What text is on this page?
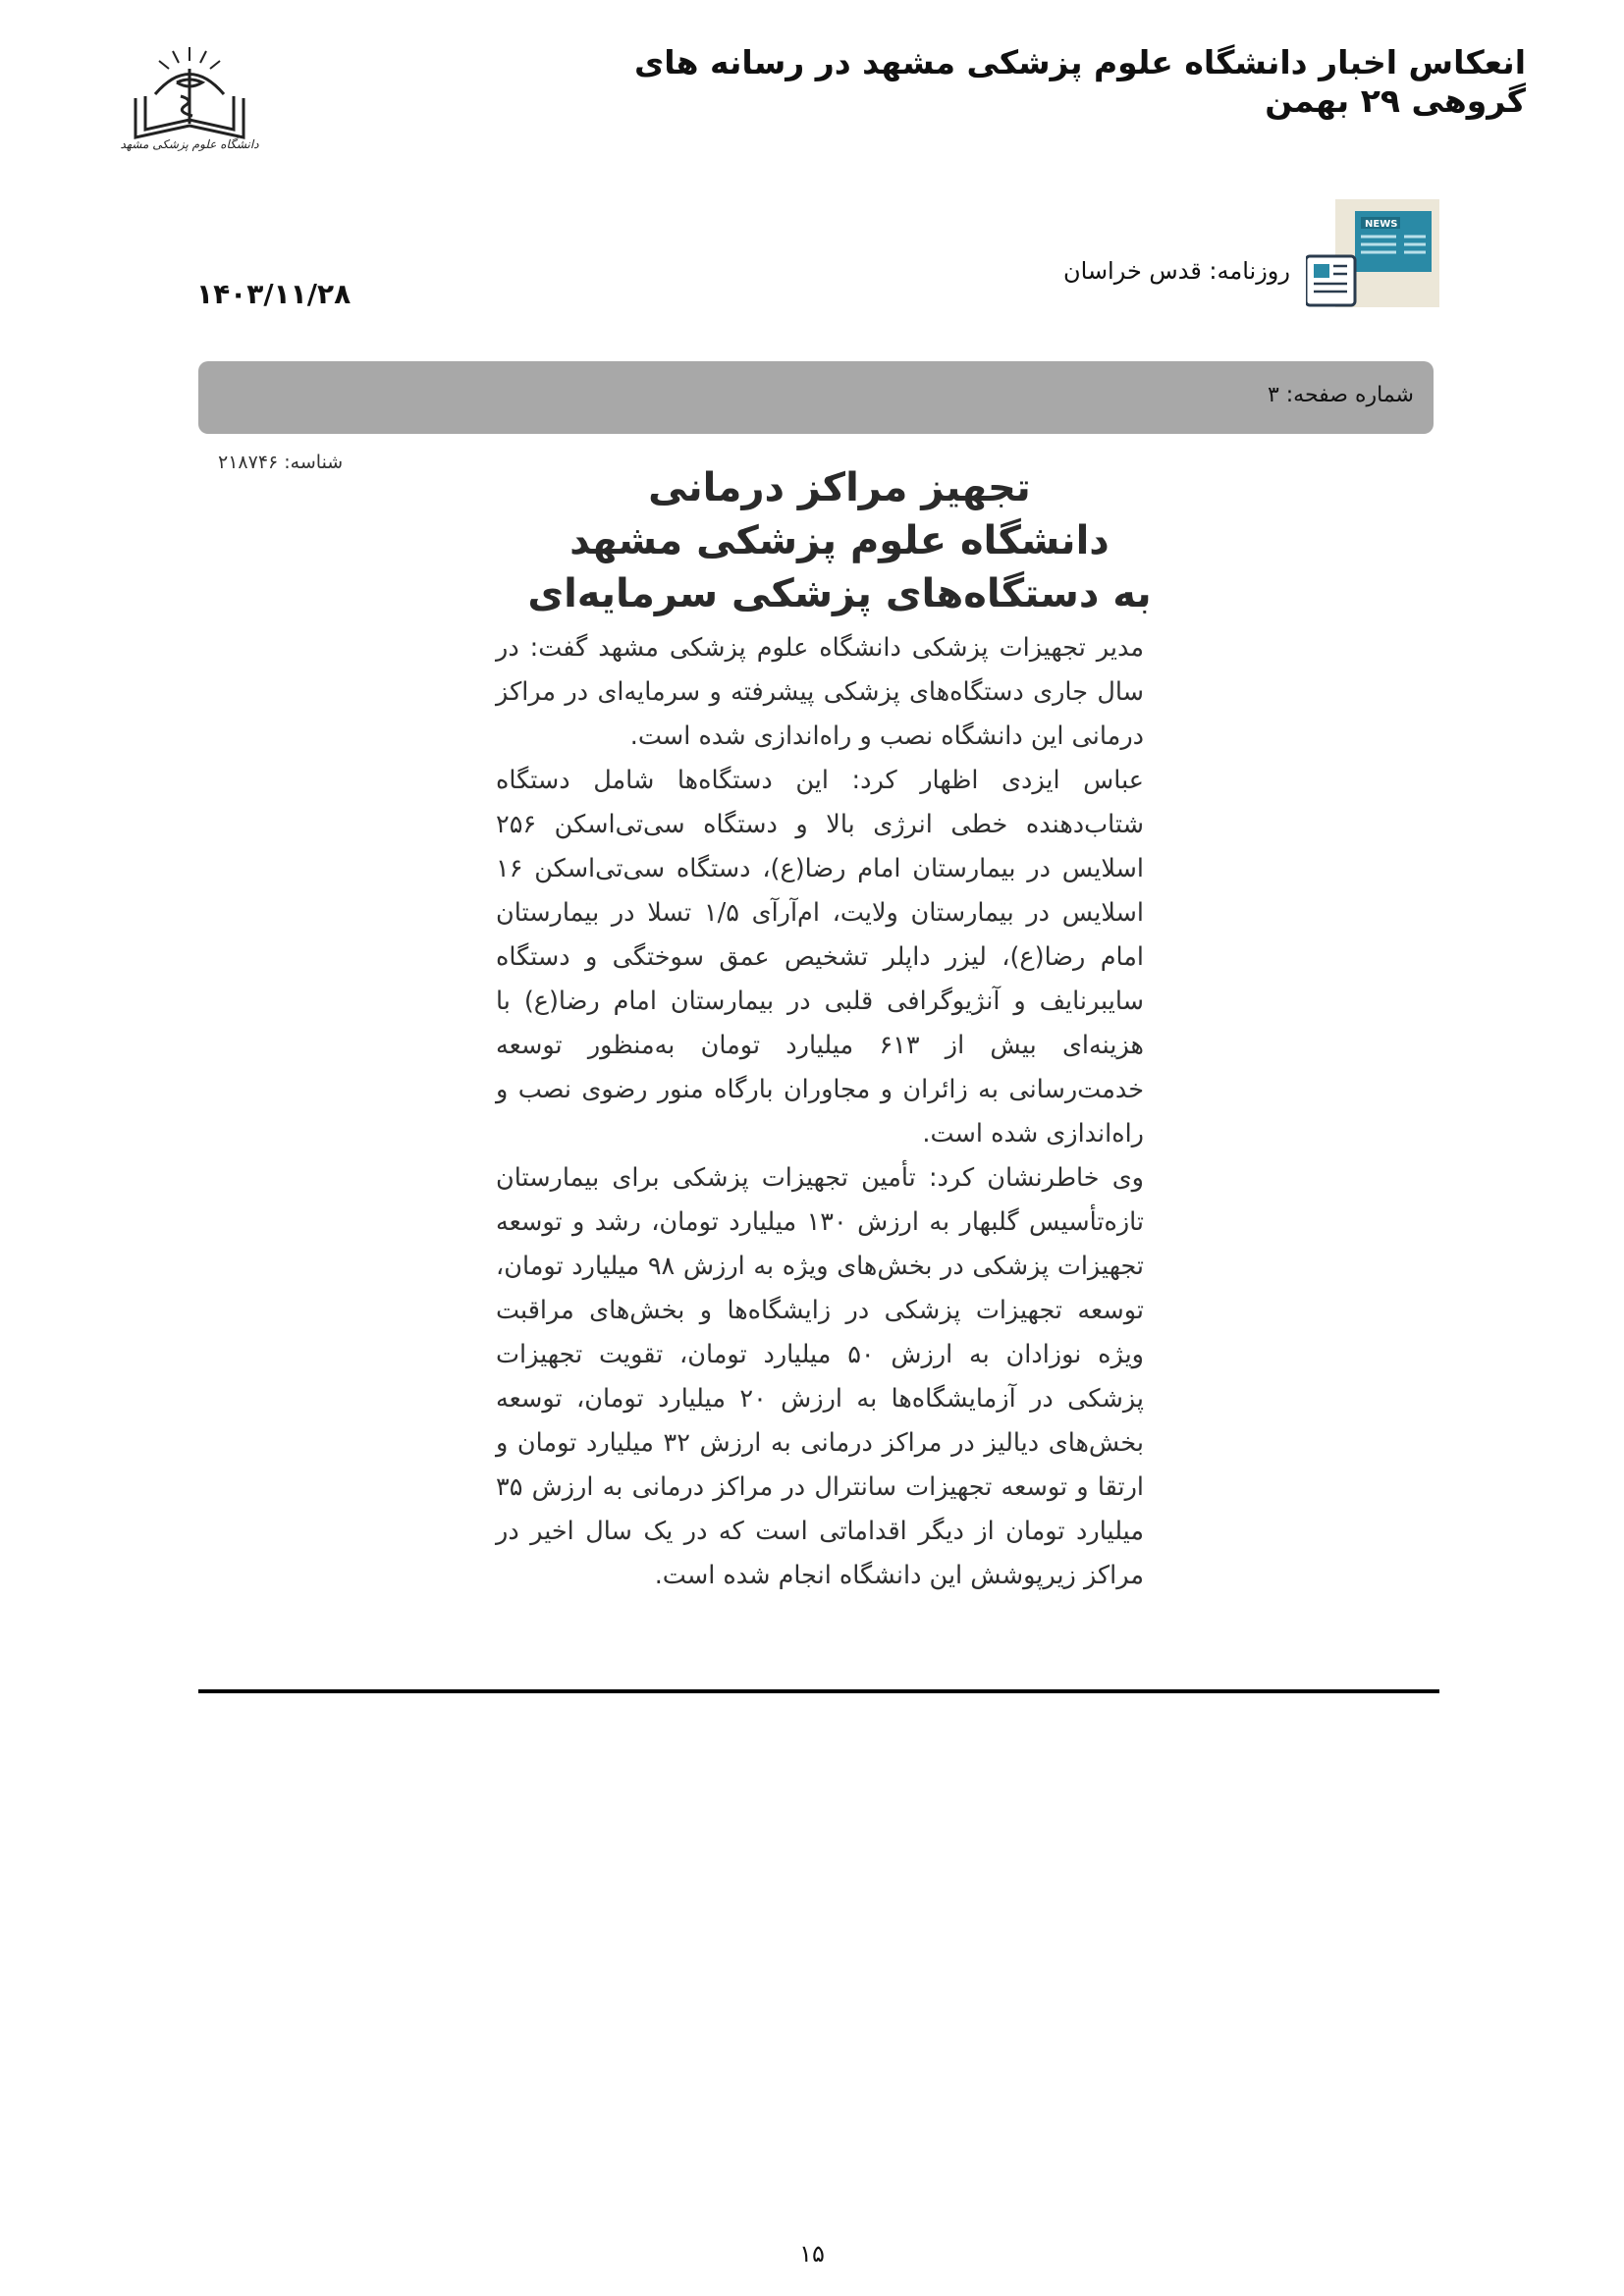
انعکاس اخبار دانشگاه علوم پزشکی مشهد در رسانه های گروهی ۲۹ بهمن
دانشگاه علوم پزشکی مشهد
NEWS
روزنامه: قدس خراسان
۱۴۰۳/۱۱/۲۸
شماره صفحه: ۳
شناسه: ۲۱۸۷۴۶
تجهیز مراکز درمانی
دانشگاه علوم پزشکی مشهد
به دستگاه‌های پزشکی سرمایه‌ای

مدیر تجهیزات پزشکی دانشگاه علوم پزشکی مشهد گفت: در سال جاری دستگاه‌های پزشکی پیشرفته و سرمایه‌ای در مراکز درمانی این دانشگاه نصب و راه‌اندازی شده است.

عباس ایزدی اظهار کرد: این دستگاه‌ها شامل دستگاه شتاب‌دهنده خطی انرژی بالا و دستگاه سی‌تی‌اسکن ۲۵۶ اسلایس در بیمارستان امام رضا(ع)، دستگاه سی‌تی‌اسکن ۱۶ اسلایس در بیمارستان ولایت، ام‌آر‌آی ۱/۵ تسلا در بیمارستان امام رضا(ع)، لیزر داپلر تشخیص عمق سوختگی و دستگاه سایبرنایف و آنژیوگرافی قلبی در بیمارستان امام رضا(ع) با هزینه‌ای بیش از ۶۱۳ میلیارد تومان به‌منظور توسعه خدمت‌رسانی به زائران و مجاوران بارگاه منور رضوی نصب و راه‌اندازی شده است.

وی خاطرنشان کرد: تأمین تجهیزات پزشکی برای بیمارستان تازه‌تأسیس گلبهار به ارزش ۱۳۰ میلیارد تومان، رشد و توسعه تجهیزات پزشکی در بخش‌های ویژه به ارزش ۹۸ میلیارد تومان، توسعه تجهیزات پزشکی در زایشگاه‌ها و بخش‌های مراقبت ویژه نوزادان به ارزش ۵۰ میلیارد تومان، تقویت تجهیزات پزشکی در آزمایشگاه‌ها به ارزش ۲۰ میلیارد تومان، توسعه بخش‌های دیالیز در مراکز درمانی به ارزش ۳۲ میلیارد تومان و ارتقا و توسعه تجهیزات سانترال در مراکز درمانی به ارزش ۳۵ میلیارد تومان از دیگر اقداماتی است که در یک سال اخیر در مراکز زیرپوشش این دانشگاه انجام شده است.

۱۵
